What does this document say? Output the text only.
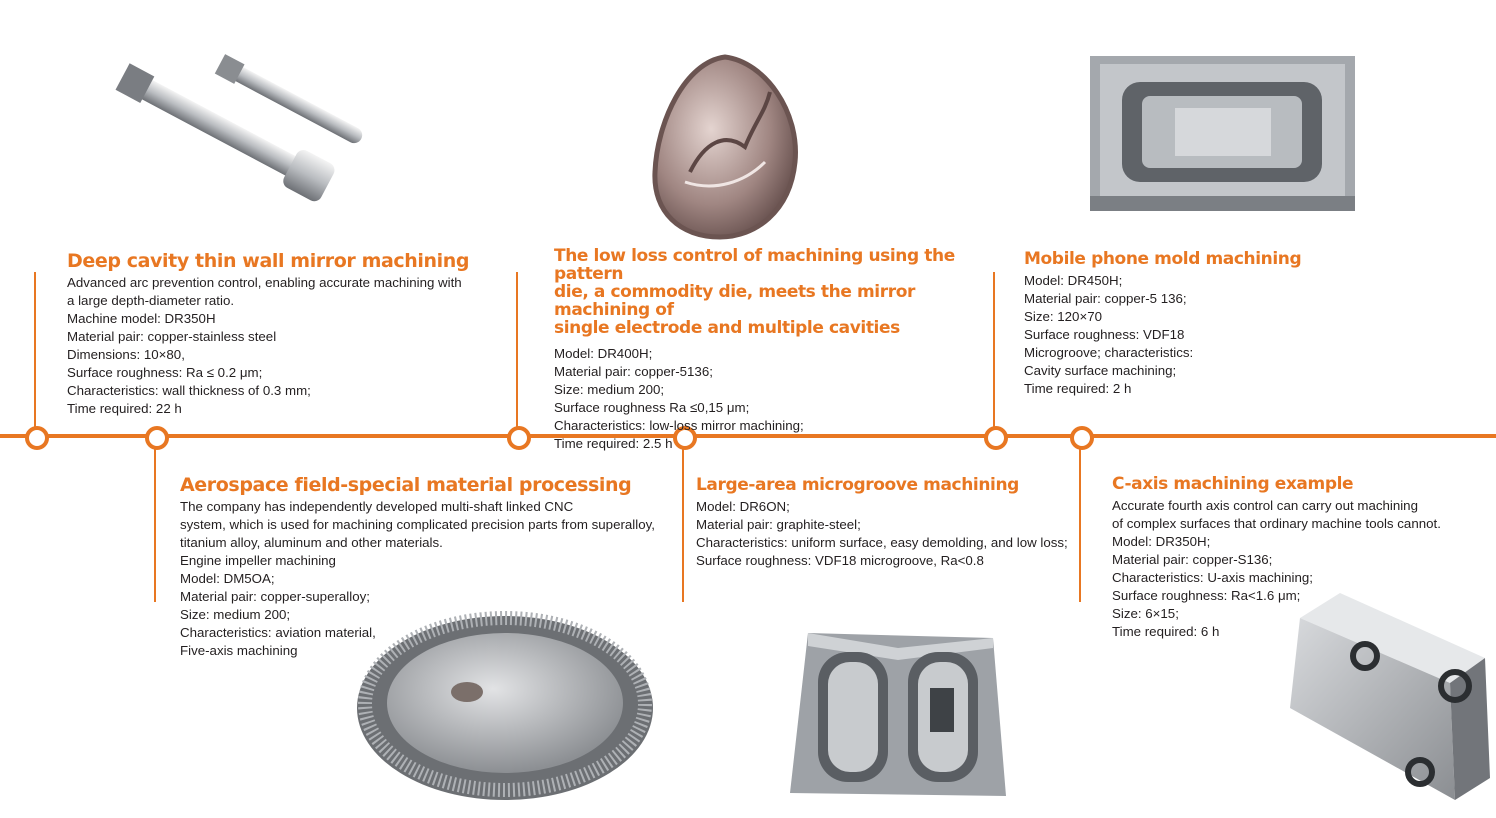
Deep cavity thin wall mirror machining

Advanced arc prevention control, enabling accurate machining with
a large depth-diameter ratio.
Machine model: DR350H
Material pair: copper-stainless steel
Dimensions: 10×80,
Surface roughness: Ra ≤ 0.2 μm;
Characteristics: wall thickness of 0.3 mm;
Time required: 22 h

Aerospace field-special material processing

The company has independently developed multi-shaft linked CNC
system, which is used for machining complicated precision parts from superalloy,
titanium alloy, aluminum and other materials.
Engine impeller machining
Model: DM5OA;
Material pair: copper-superalloy;
Size: medium 200;
Characteristics: aviation material,
Five-axis machining

The low loss control of machining using the pattern
die, a commodity die, meets the mirror machining of
single electrode and multiple cavities

Model: DR400H;
Material pair: copper-5136;
Size: medium 200;
Surface roughness Ra ≤0,15 μm;
Characteristics: low-loss mirror machining;
Time required: 2.5 h

Large-area microgroove machining

Model: DR6ON;
Material pair: graphite-steel;
Characteristics: uniform surface, easy demolding, and low loss;
Surface roughness: VDF18 microgroove, Ra<0.8

Mobile phone mold machining

Model: DR450H;
Material pair: copper-5 136;
Size: 120×70
Surface roughness: VDF18
Microgroove; characteristics:
Cavity surface machining;
Time required: 2 h

C-axis machining example

Accurate fourth axis control can carry out machining
of complex surfaces that ordinary machine tools cannot.
Model: DR350H;
Material pair: copper-S136;
Characteristics: U-axis machining;
Surface roughness: Ra<1.6 μm;
Size: 6×15;
Time required: 6 h
